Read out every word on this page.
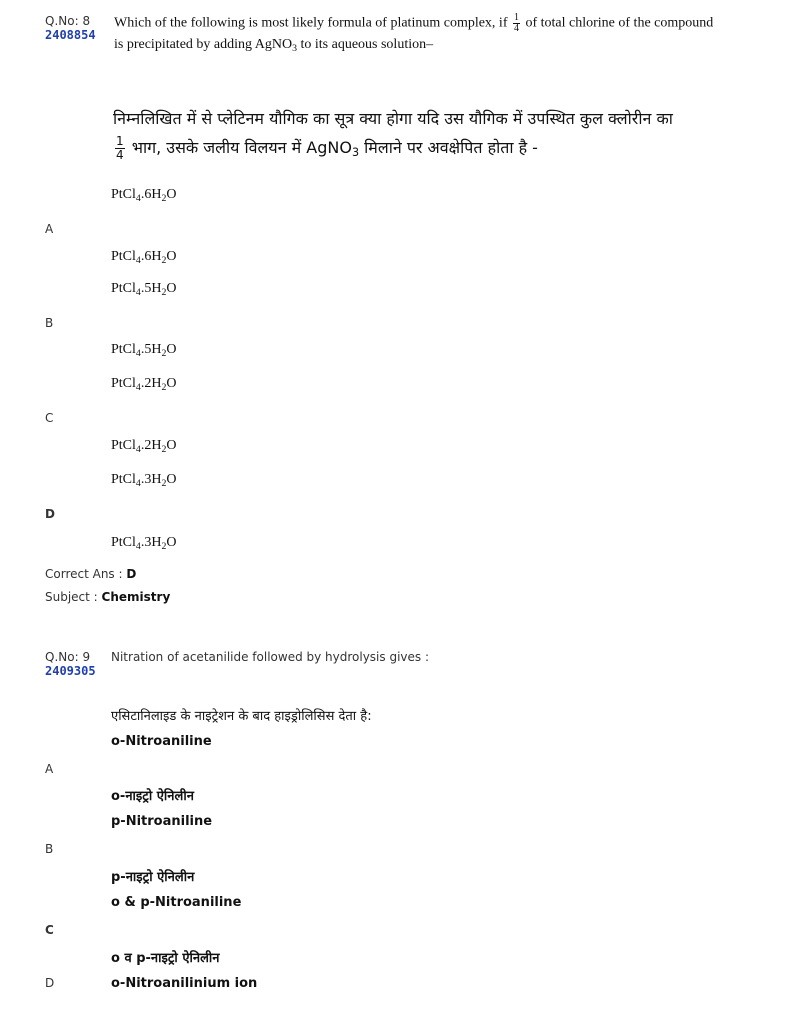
Q.No: 8
2408854
Which of the following is most likely formula of platinum complex, if $\frac{1}{4}$ of total chlorine of the compound
is precipitated by adding AgNO$_3$ to its aqueous solution–
निम्नलिखित में से प्लेटिनम यौगिक का सूत्र क्या होगा यदि उस यौगिक में उपस्थित कुल क्लोरीन का
$\frac{1}{4}$ भाग, उसके जलीय विलयन में AgNO$_3$ मिलाने पर अवक्षेपित होता है -
$PtCl_4.6H_2O$
A
$PtCl_4.6H_2O$
$PtCl_4.5H_2O$
B
$PtCl_4.5H_2O$
$PtCl_4.2H_2O$
C
$PtCl_4.2H_2O$
$PtCl_4.3H_2O$
D
$PtCl_4.3H_2O$
Correct Ans : D
Subject : Chemistry
Q.No: 9
2409305
Nitration of acetanilide followed by hydrolysis gives :
एसिटानिलाइड के नाइट्रेशन के बाद हाइड्रोलिसिस देता है:
o-Nitroaniline
A
o-नाइट्रो ऐनिलीन
p-Nitroaniline
B
p-नाइट्रो ऐनिलीन
o & p-Nitroaniline
C
o व p-नाइट्रो ऐनिलीन
D	o-Nitroanilinium ion
